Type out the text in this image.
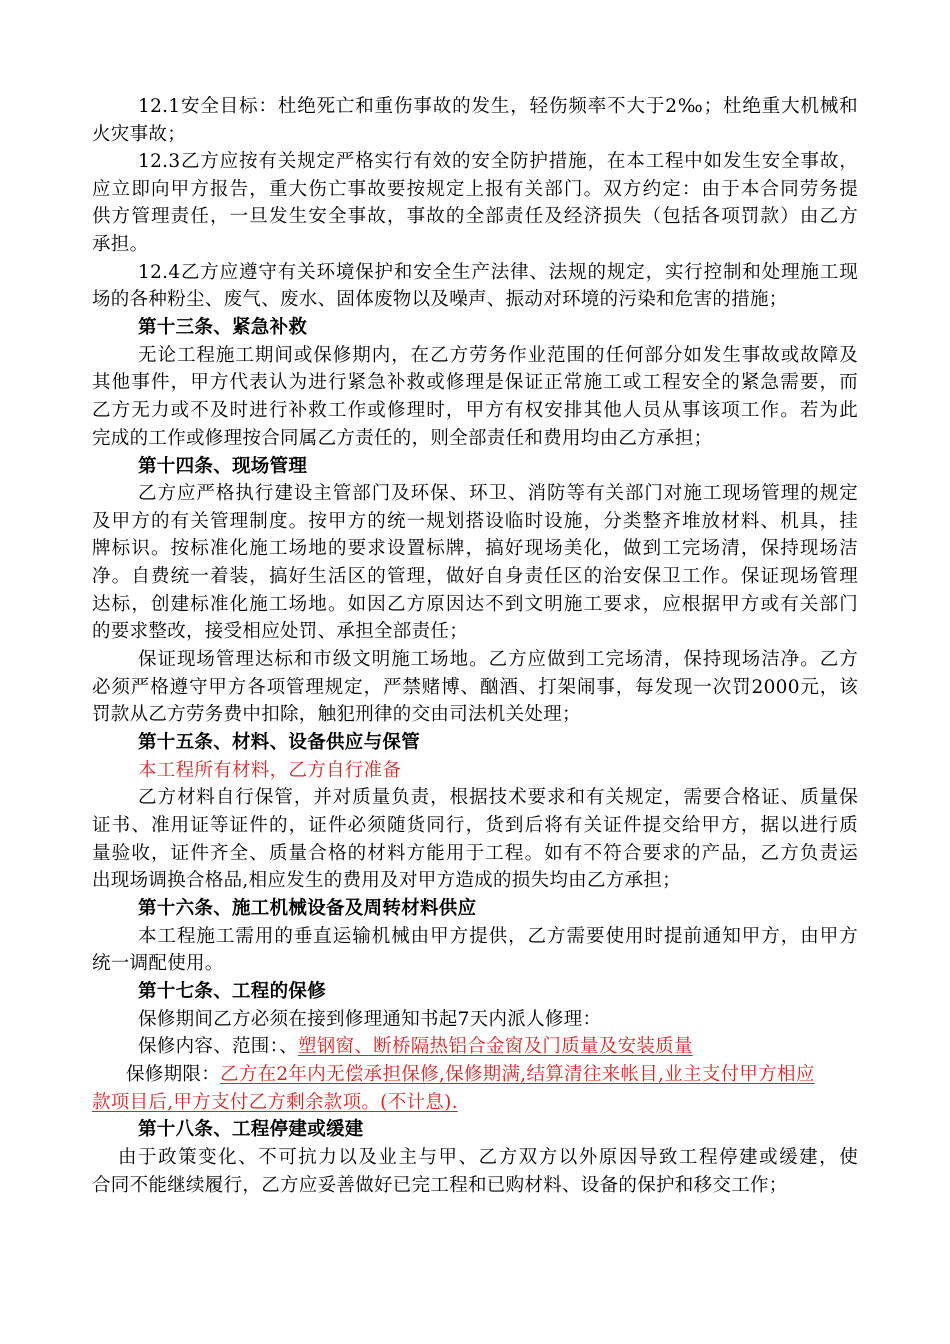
12.1安全目标：杜绝死亡和重伤事故的发生，轻伤频率不大于2‰；杜绝重大机械和
火灾事故；
12.3乙方应按有关规定严格实行有效的安全防护措施，在本工程中如发生安全事故，
应立即向甲方报告，重大伤亡事故要按规定上报有关部门。双方约定：由于本合同劳务提
供方管理责任，一旦发生安全事故，事故的全部责任及经济损失（包括各项罚款）由乙方
承担。
12.4乙方应遵守有关环境保护和安全生产法律、法规的规定，实行控制和处理施工现
场的各种粉尘、废气、废水、固体废物以及噪声、振动对环境的污染和危害的措施；
第十三条、紧急补救
无论工程施工期间或保修期内，在乙方劳务作业范围的任何部分如发生事故或故障及
其他事件，甲方代表认为进行紧急补救或修理是保证正常施工或工程安全的紧急需要，而
乙方无力或不及时进行补救工作或修理时，甲方有权安排其他人员从事该项工作。若为此
完成的工作或修理按合同属乙方责任的，则全部责任和费用均由乙方承担；
第十四条、现场管理
乙方应严格执行建设主管部门及环保、环卫、消防等有关部门对施工现场管理的规定
及甲方的有关管理制度。按甲方的统一规划搭设临时设施，分类整齐堆放材料、机具，挂
牌标识。按标准化施工场地的要求设置标牌，搞好现场美化，做到工完场清，保持现场洁
净。自费统一着装，搞好生活区的管理，做好自身责任区的治安保卫工作。保证现场管理
达标，创建标准化施工场地。如因乙方原因达不到文明施工要求，应根据甲方或有关部门
的要求整改，接受相应处罚、承担全部责任；
保证现场管理达标和市级文明施工场地。乙方应做到工完场清，保持现场洁净。乙方
必须严格遵守甲方各项管理规定，严禁赌博、酗酒、打架闹事，每发现一次罚2000元，该
罚款从乙方劳务费中扣除，触犯刑律的交由司法机关处理；
第十五条、材料、设备供应与保管
本工程所有材料，乙方自行准备
乙方材料自行保管，并对质量负责，根据技术要求和有关规定，需要合格证、质量保
证书、准用证等证件的，证件必须随货同行，货到后将有关证件提交给甲方，据以进行质
量验收，证件齐全、质量合格的材料方能用于工程。如有不符合要求的产品，乙方负责运
出现场调换合格品,相应发生的费用及对甲方造成的损失均由乙方承担；
第十六条、施工机械设备及周转材料供应
本工程施工需用的垂直运输机械由甲方提供，乙方需要使用时提前通知甲方，由甲方
统一调配使用。
第十七条、工程的保修
保修期间乙方必须在接到修理通知书起7天内派人修理：
保修内容、范围：、塑钢窗、断桥隔热铝合金窗及门质量及安装质量
保修期限：乙方在2年内无偿承担保修,保修期满,结算清往来帐目,业主支付甲方相应
款项目后,甲方支付乙方剩余款项。(不计息).
第十八条、工程停建或缓建
由于政策变化、不可抗力以及业主与甲、乙方双方以外原因导致工程停建或缓建，使
合同不能继续履行，乙方应妥善做好已完工程和已购材料、设备的保护和移交工作；
